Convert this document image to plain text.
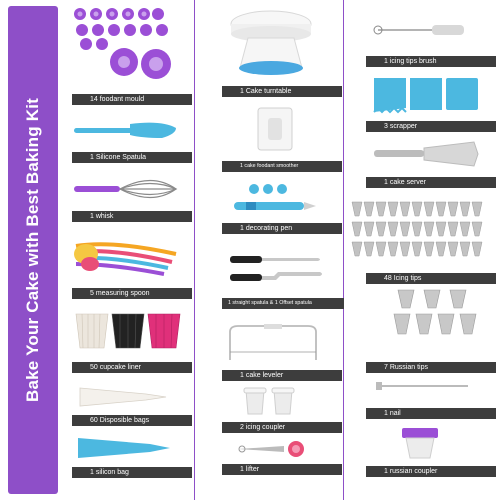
Bake Your Cake with Best Baking Kit	14 foodant mould
1 Silicone Spatula
1 whisk
5 measuring spoon
50 cupcake liner
60 Disposible bags
1 silicon bag
1 Cake turntable
1 cake foodant smoother
1 decorating pen
1 straight spatula & 1 Offset spatula
1 cake leveler
2 icing coupler
1 lifter
1 icing tips brush
3 scrapper
1 cake server
48 Icing tips
7 Russian tips
1 nail
1 russian coupler
